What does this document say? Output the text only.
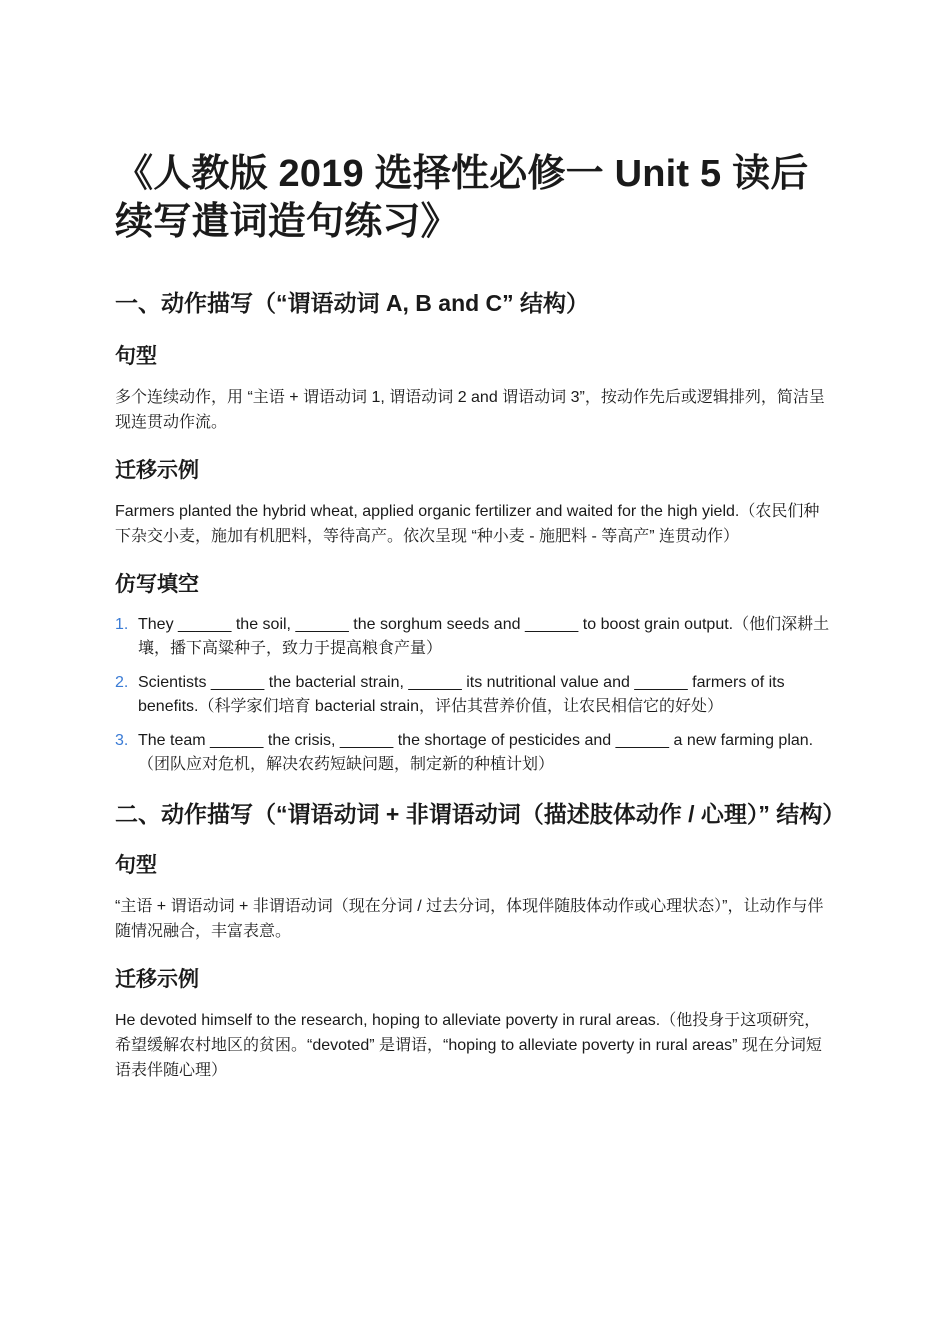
《人教版 2019 选择性必修一 Unit 5 读后续写遣词造句练习》
一、动作描写（“谓语动词 A, B and C” 结构）
句型

多个连续动作，用 “主语 + 谓语动词 1, 谓语动词 2 and 谓语动词 3”，按动作先后或逻辑排列，简洁呈现连贯动作流。

迁移示例

Farmers planted the hybrid wheat, applied organic fertilizer and waited for the high yield.（农民们种下杂交小麦，施加有机肥料，等待高产。依次呈现 “种小麦 - 施肥料 - 等高产” 连贯动作）

仿写填空
1. They ______ the soil, ______ the sorghum seeds and ______ to boost grain output.（他们深耕土壤，播下高粱种子，致力于提高粮食产量）
2. Scientists ______ the bacterial strain, ______ its nutritional value and ______ farmers of its benefits.（科学家们培育 bacterial strain，评估其营养价值，让农民相信它的好处）
3. The team ______ the crisis, ______ the shortage of pesticides and ______ a new farming plan.（团队应对危机，解决农药短缺问题，制定新的种植计划）
二、动作描写（“谓语动词 + 非谓语动词（描述肢体动作 / 心理）” 结构）
句型

“主语 + 谓语动词 + 非谓语动词（现在分词 / 过去分词，体现伴随肢体动作或心理状态）”，让动作与伴随情况融合，丰富表意。

迁移示例

He devoted himself to the research, hoping to alleviate poverty in rural areas.（他投身于这项研究，希望缓解农村地区的贫困。“devoted” 是谓语，“hoping to alleviate poverty in rural areas” 现在分词短语表伴随心理）
